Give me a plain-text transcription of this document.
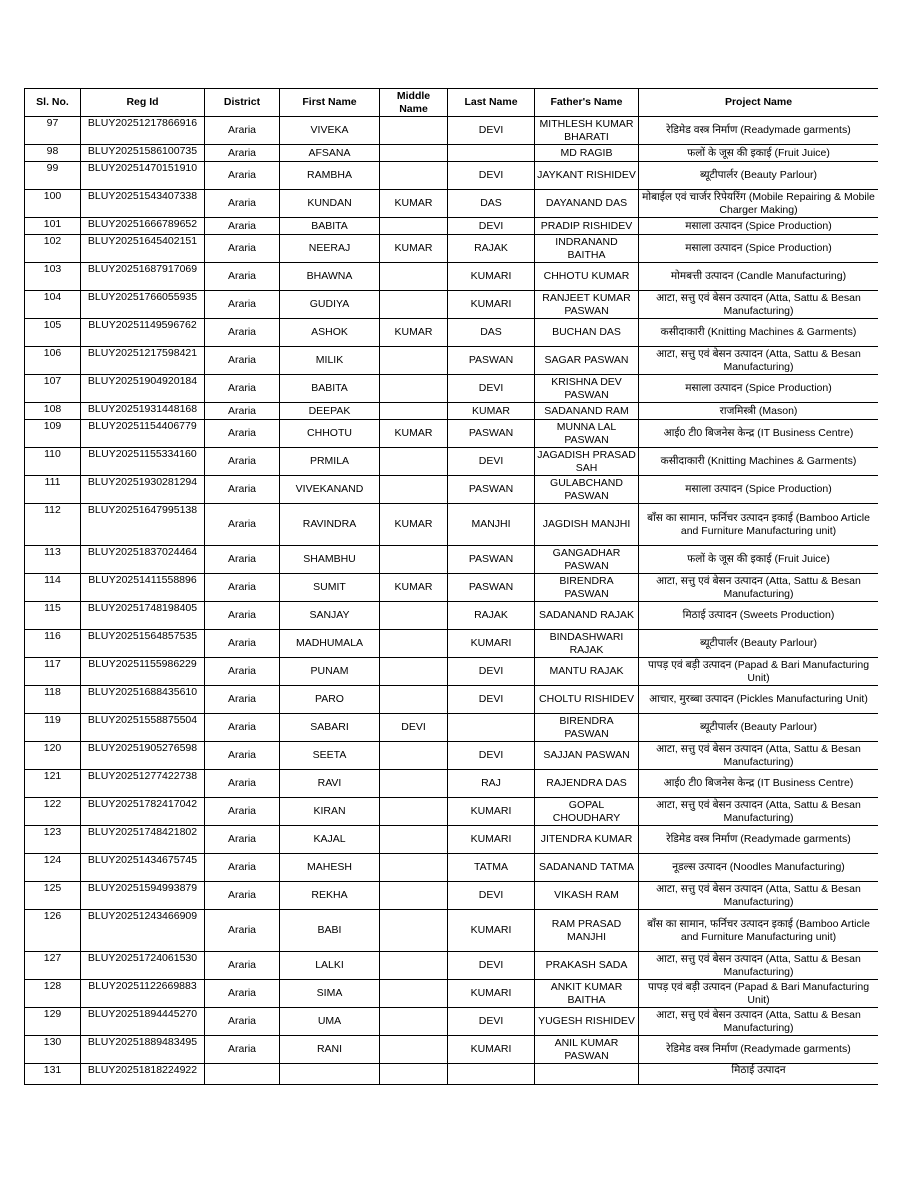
Sl. No.	Reg Id	District	First Name	Middle Name	Last Name	Father's Name	Project Name
97	BLUY20251217866916	Araria	VIVEKA		DEVI	MITHLESH KUMAR BHARATI	रेडिमेड वस्त्र निर्माण (Readymade garments)
98	BLUY20251586100735	Araria	AFSANA			MD RAGIB	फलों के जूस की इकाई (Fruit Juice)
99	BLUY20251470151910	Araria	RAMBHA		DEVI	JAYKANT RISHIDEV	ब्यूटीपार्लर (Beauty Parlour)
100	BLUY20251543407338	Araria	KUNDAN	KUMAR	DAS	DAYANAND DAS	मोबाईल एवं चार्जर रिपेयरिंग (Mobile Repairing & Mobile Charger Making)
101	BLUY20251666789652	Araria	BABITA		DEVI	PRADIP RISHIDEV	मसाला उत्पादन (Spice Production)
102	BLUY20251645402151	Araria	NEERAJ	KUMAR	RAJAK	INDRANAND BAITHA	मसाला उत्पादन (Spice Production)
103	BLUY20251687917069	Araria	BHAWNA		KUMARI	CHHOTU KUMAR	मोमबत्ती उत्पादन (Candle Manufacturing)
104	BLUY20251766055935	Araria	GUDIYA		KUMARI	RANJEET KUMAR PASWAN	आटा, सत्तु एवं बेसन उत्पादन (Atta, Sattu & Besan Manufacturing)
105	BLUY20251149596762	Araria	ASHOK	KUMAR	DAS	BUCHAN DAS	कसीदाकारी (Knitting Machines & Garments)
106	BLUY20251217598421	Araria	MILIK		PASWAN	SAGAR PASWAN	आटा, सत्तु एवं बेसन उत्पादन (Atta, Sattu & Besan Manufacturing)
107	BLUY20251904920184	Araria	BABITA		DEVI	KRISHNA DEV PASWAN	मसाला उत्पादन (Spice Production)
108	BLUY20251931448168	Araria	DEEPAK		KUMAR	SADANAND RAM	राजमिस्त्री (Mason)
109	BLUY20251154406779	Araria	CHHOTU	KUMAR	PASWAN	MUNNA LAL PASWAN	आई0 टी0 बिजनेस केन्द्र (IT Business Centre)
110	BLUY20251155334160	Araria	PRMILA		DEVI	JAGADISH PRASAD SAH	कसीदाकारी (Knitting Machines & Garments)
111	BLUY20251930281294	Araria	VIVEKANAND		PASWAN	GULABCHAND PASWAN	मसाला उत्पादन (Spice Production)
112	BLUY20251647995138	Araria	RAVINDRA	KUMAR	MANJHI	JAGDISH MANJHI	बाँस का सामान, फर्निचर उत्पादन इकाई (Bamboo Article and Furniture Manufacturing unit)
113	BLUY20251837024464	Araria	SHAMBHU		PASWAN	GANGADHAR PASWAN	फलों के जूस की इकाई (Fruit Juice)
114	BLUY20251411558896	Araria	SUMIT	KUMAR	PASWAN	BIRENDRA PASWAN	आटा, सत्तु एवं बेसन उत्पादन (Atta, Sattu & Besan Manufacturing)
115	BLUY20251748198405	Araria	SANJAY		RAJAK	SADANAND RAJAK	मिठाई उत्पादन (Sweets Production)
116	BLUY20251564857535	Araria	MADHUMALA		KUMARI	BINDASHWARI RAJAK	ब्यूटीपार्लर (Beauty Parlour)
117	BLUY20251155986229	Araria	PUNAM		DEVI	MANTU RAJAK	पापड़ एवं बड़ी उत्पादन (Papad & Bari Manufacturing Unit)
118	BLUY20251688435610	Araria	PARO		DEVI	CHOLTU RISHIDEV	आचार, मुरब्बा उत्पादन (Pickles Manufacturing Unit)
119	BLUY20251558875504	Araria	SABARI	DEVI		BIRENDRA PASWAN	ब्यूटीपार्लर (Beauty Parlour)
120	BLUY20251905276598	Araria	SEETA		DEVI	SAJJAN PASWAN	आटा, सत्तु एवं बेसन उत्पादन (Atta, Sattu & Besan Manufacturing)
121	BLUY20251277422738	Araria	RAVI		RAJ	RAJENDRA DAS	आई0 टी0 बिजनेस केन्द्र (IT Business Centre)
122	BLUY20251782417042	Araria	KIRAN		KUMARI	GOPAL CHOUDHARY	आटा, सत्तु एवं बेसन उत्पादन (Atta, Sattu & Besan Manufacturing)
123	BLUY20251748421802	Araria	KAJAL		KUMARI	JITENDRA KUMAR	रेडिमेड वस्त्र निर्माण (Readymade garments)
124	BLUY20251434675745	Araria	MAHESH		TATMA	SADANAND TATMA	नूडल्स उत्पादन (Noodles Manufacturing)
125	BLUY20251594993879	Araria	REKHA		DEVI	VIKASH RAM	आटा, सत्तु एवं बेसन उत्पादन (Atta, Sattu & Besan Manufacturing)
126	BLUY20251243466909	Araria	BABI		KUMARI	RAM PRASAD MANJHI	बाँस का सामान, फर्निचर उत्पादन इकाई (Bamboo Article and Furniture Manufacturing unit)
127	BLUY20251724061530	Araria	LALKI		DEVI	PRAKASH SADA	आटा, सत्तु एवं बेसन उत्पादन (Atta, Sattu & Besan Manufacturing)
128	BLUY20251122669883	Araria	SIMA		KUMARI	ANKIT KUMAR BAITHA	पापड़ एवं बड़ी उत्पादन (Papad & Bari Manufacturing Unit)
129	BLUY20251894445270	Araria	UMA		DEVI	YUGESH RISHIDEV	आटा, सत्तु एवं बेसन उत्पादन (Atta, Sattu & Besan Manufacturing)
130	BLUY20251889483495	Araria	RANI		KUMARI	ANIL KUMAR PASWAN	रेडिमेड वस्त्र निर्माण (Readymade garments)
131	BLUY20251818224922						मिठाई उत्पादन
